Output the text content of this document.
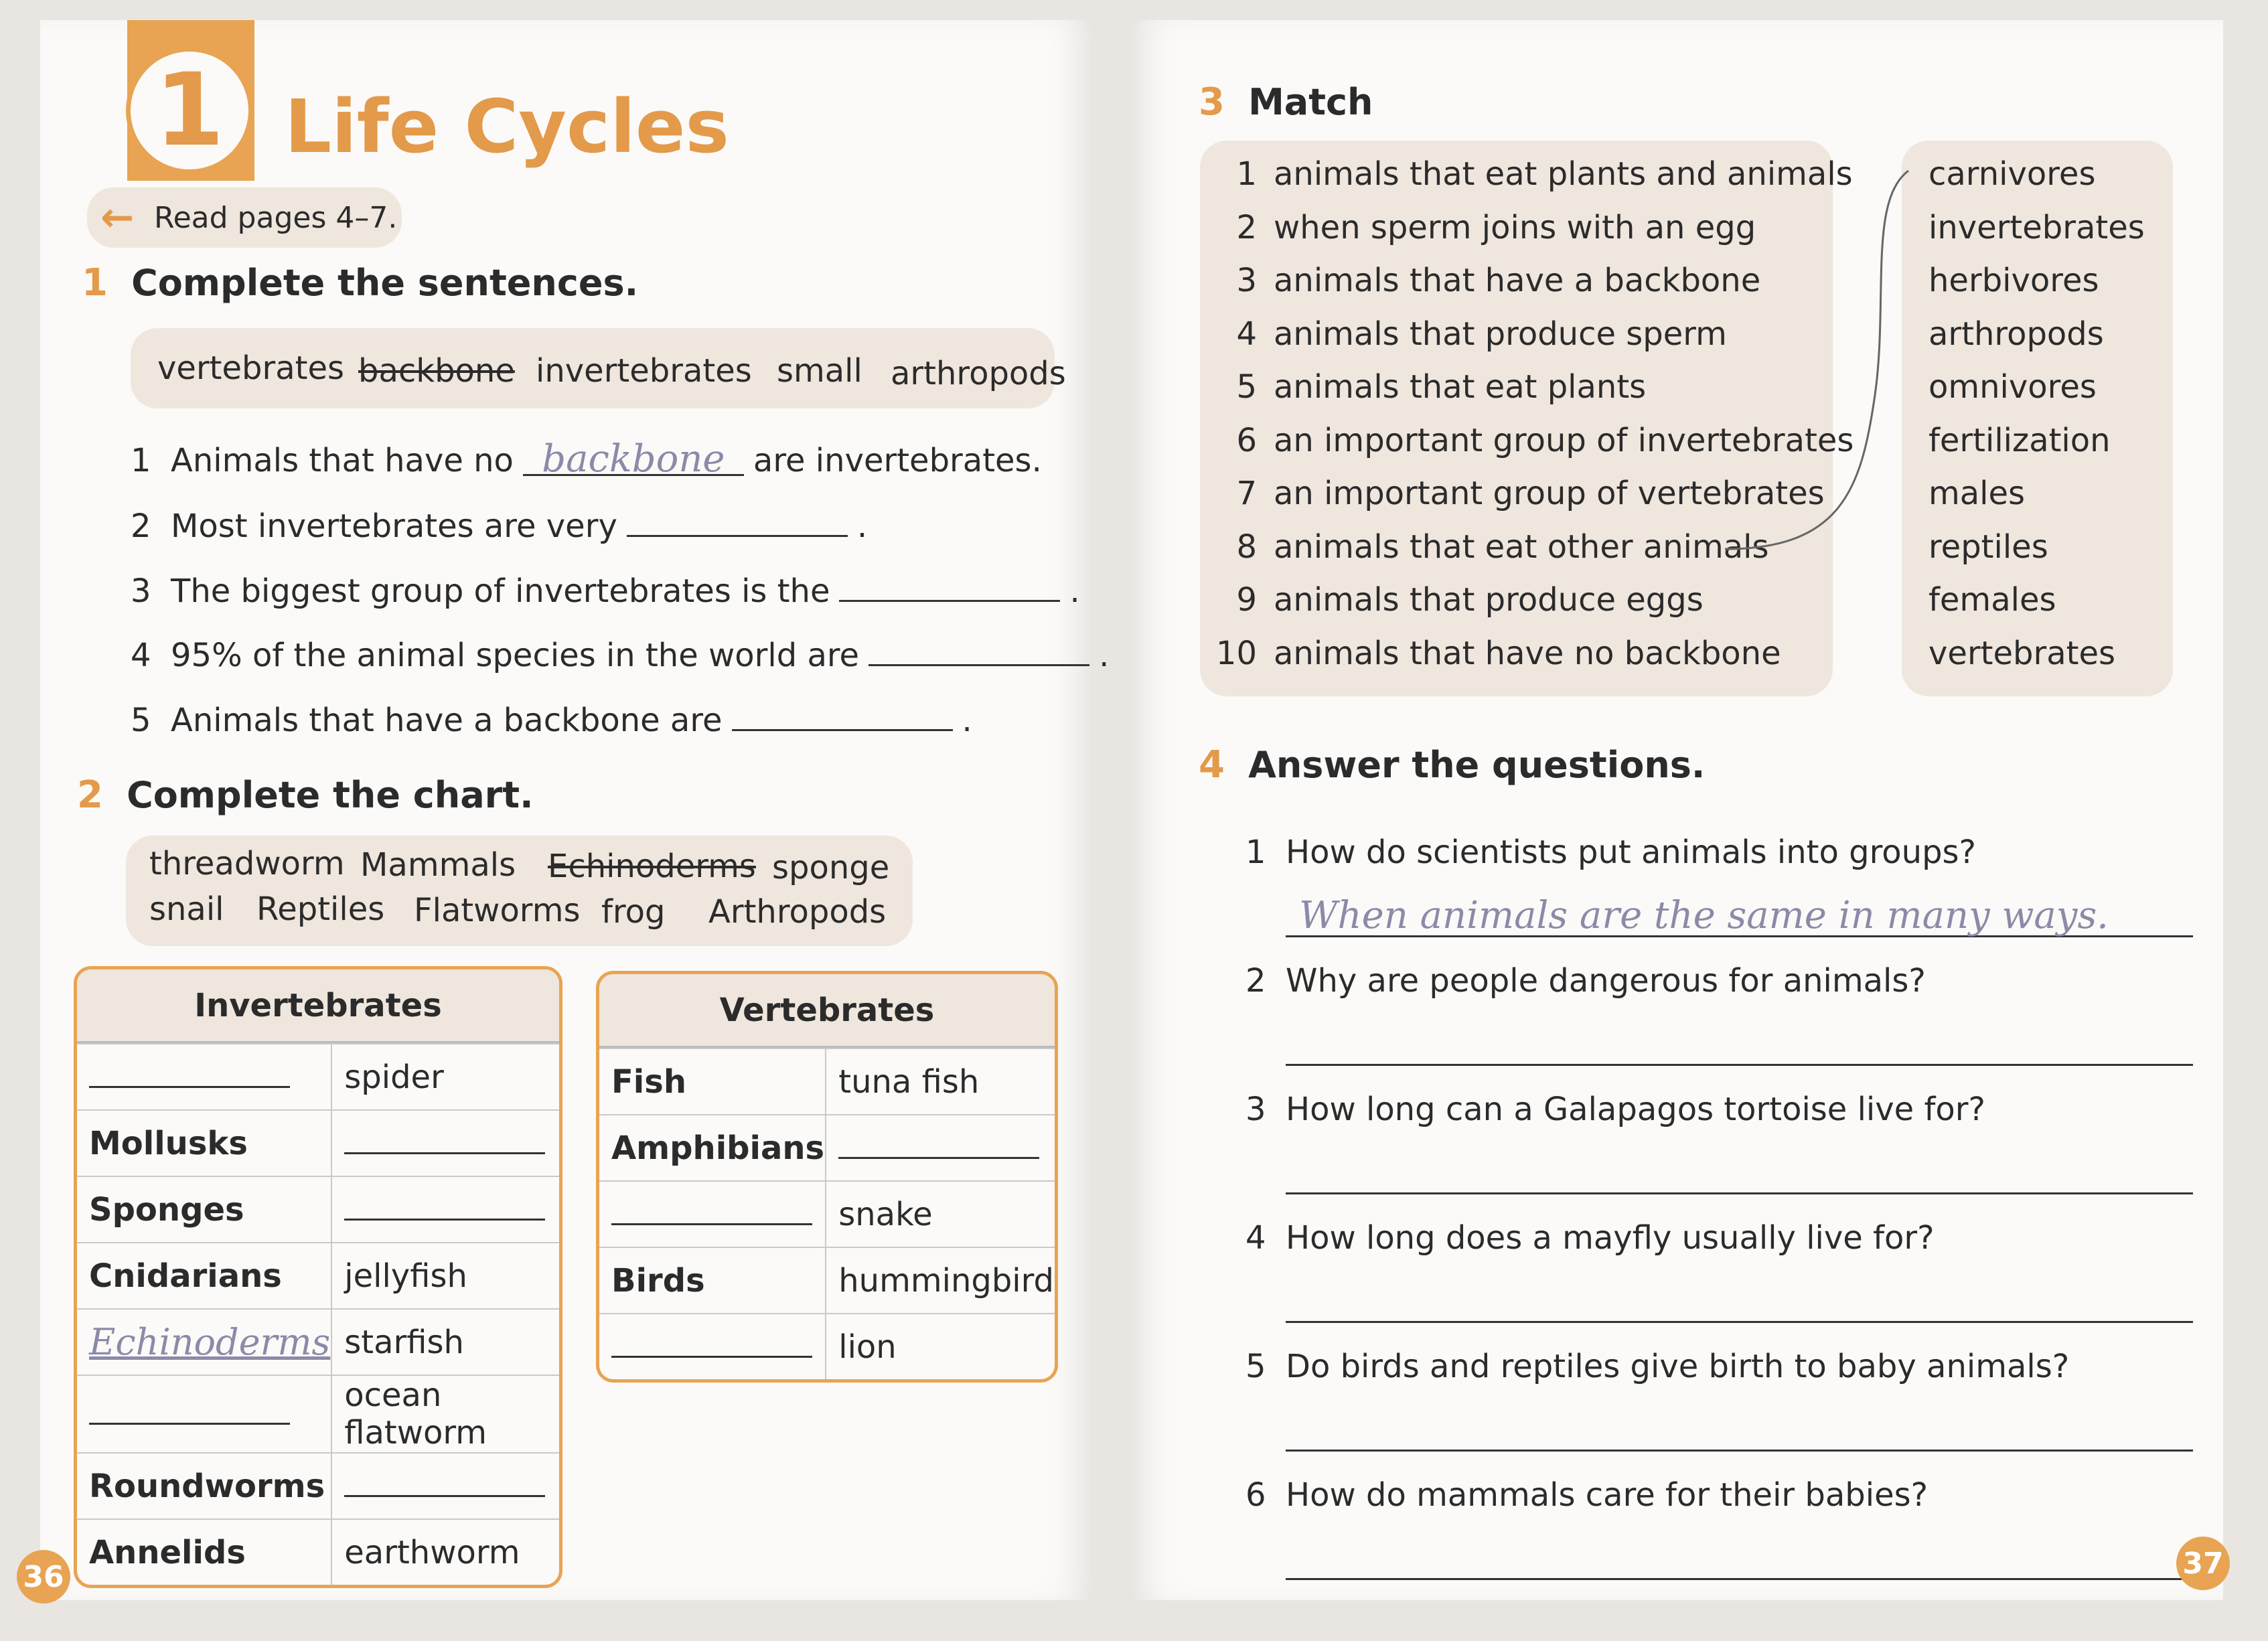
1 Life Cycles
← Read pages 4–7.
1 Complete the sentences.
vertebrates backbone invertebrates small arthropods
1 Animals that have no backbone are invertebrates.
2 Most invertebrates are very	.
3 The biggest group of invertebrates is the	.
4 95% of the animal species in the world are	.
5 Animals that have a backbone are	.
2 Complete the chart.
threadworm Mammals Echinoderms sponge
snail Reptiles Flatworms frog Arthropods
Invertebrates	
	spider
Mollusks	
Sponges	
Cnidarians	jellyfish
Echinoderms	starfish
	ocean flatworm
Roundworms	
Annelids	earthworm
Vertebrates	
Fish	tuna fish
Amphibians	
	snake
Birds	hummingbird
	lion
36
3 Match
1 animals that eat plants and animals
2 when sperm joins with an egg
3 animals that have a backbone
4 animals that produce sperm
5 animals that eat plants
6 an important group of invertebrates
7 an important group of vertebrates
8 animals that eat other animals
9 animals that produce eggs
10 animals that have no backbone
carnivores
invertebrates
herbivores
arthropods
omnivores
fertilization
males
reptiles
females
vertebrates
4 Answer the questions.
1 How do scientists put animals into groups?
When animals are the same in many ways.
2 Why are people dangerous for animals?
3 How long can a Galapagos tortoise live for?
4 How long does a mayfly usually live for?
5 Do birds and reptiles give birth to baby animals?
6 How do mammals care for their babies?
37
